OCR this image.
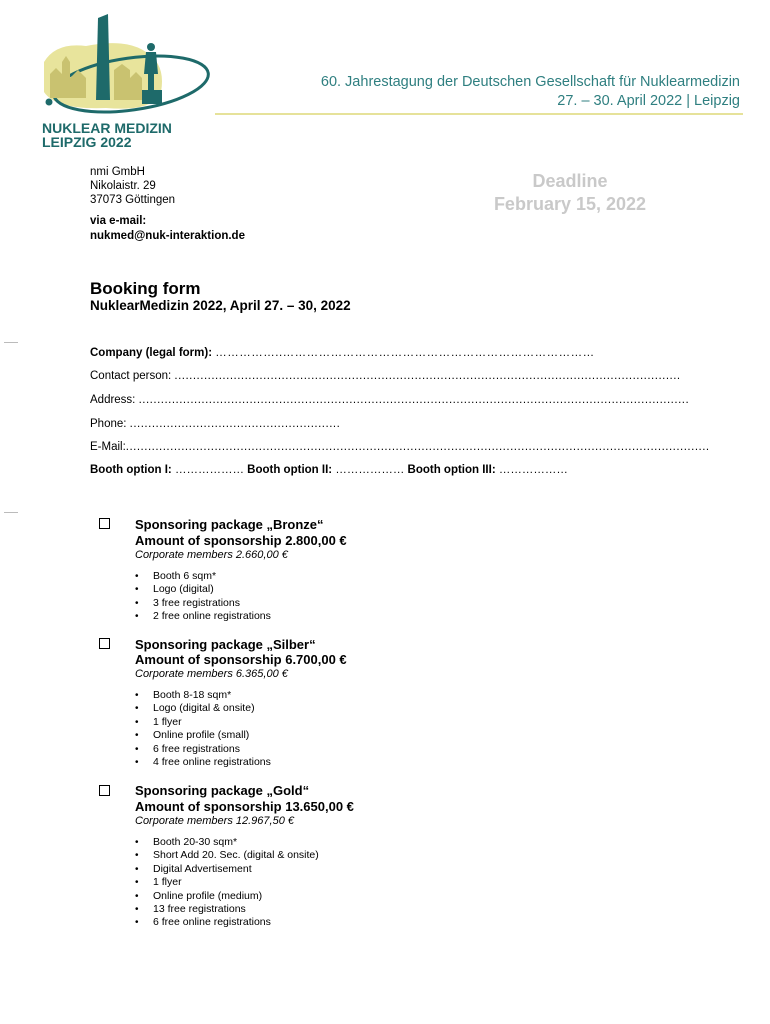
NUKLEAR MEDIZIN
LEIPZIG 2022
60. Jahrestagung der Deutschen Gesellschaft für Nuklearmedizin
27. – 30. April 2022 | Leipzig
nmi GmbH
Nikolaistr. 29
37073 Göttingen
via e-mail:
nukmed@nuk-interaktion.de
Deadline
February 15, 2022
Booking form
NuklearMedizin 2022, April 27. – 30, 2022
Company (legal form): ……………..……………………………………………………………………
Contact person: .........................................................................................................................................
Address: .....................................................................................................................................................
Phone: .........................................................
E-Mail:..............................................................................................................................................................
Booth option I: ……………… Booth option II: ……………… Booth option III: ………………
Sponsoring package „Bronze“
Amount of sponsorship 2.800,00 €
Corporate members 2.660,00 €
• Booth 6 sqm*
• Logo (digital)
• 3 free registrations
• 2 free online registrations
Sponsoring package „Silber“
Amount of sponsorship 6.700,00 €
Corporate members 6.365,00 €
• Booth 8-18 sqm*
• Logo (digital & onsite)
• 1 flyer
• Online profile (small)
• 6 free registrations
• 4 free online registrations
Sponsoring package „Gold“
Amount of sponsorship 13.650,00 €
Corporate members 12.967,50 €
• Booth 20-30 sqm*
• Short Add 20. Sec. (digital & onsite)
• Digital Advertisement
• 1 flyer
• Online profile (medium)
• 13 free registrations
• 6 free online registrations
